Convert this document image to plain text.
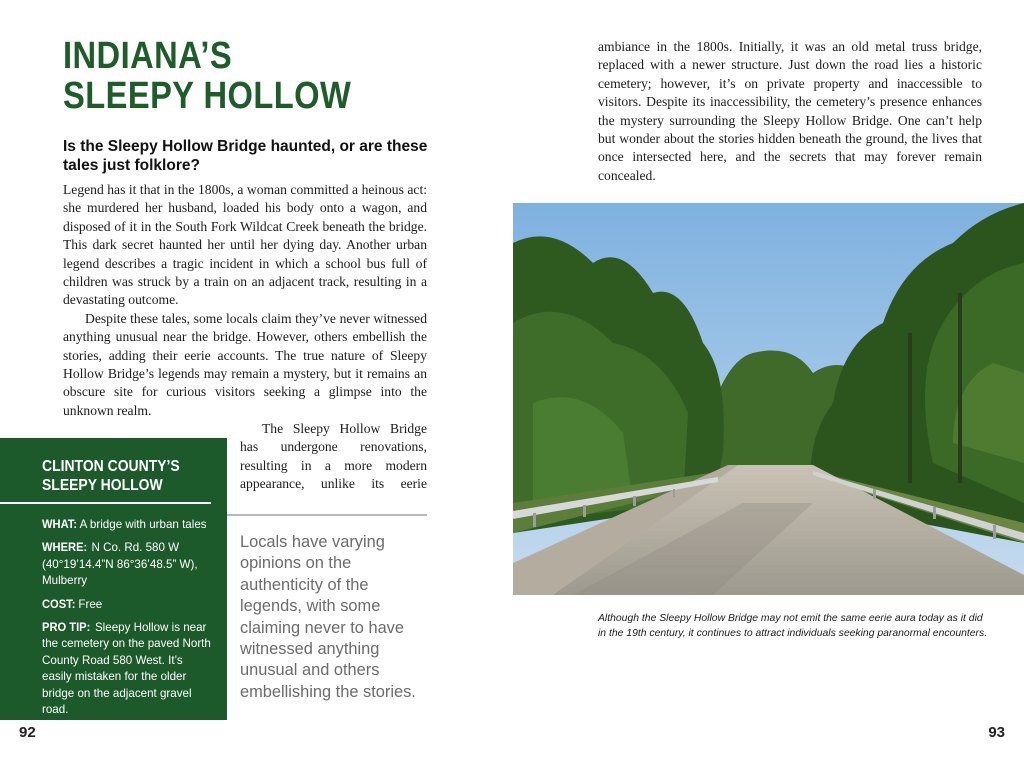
INDIANA’S
SLEEPY HOLLOW
Is the Sleepy Hollow Bridge haunted, or are these tales just folklore?

Legend has it that in the 1800s, a woman committed a heinous act: she murdered her husband, loaded his body onto a wagon, and disposed of it in the South Fork Wildcat Creek beneath the bridge. This dark secret haunted her until her dying day. Another urban legend describes a tragic incident in which a school bus full of children was struck by a train on an adjacent track, resulting in a devastating outcome.

Despite these tales, some locals claim they’ve never witnessed anything unusual near the bridge. However, others embellish the stories, adding their eerie accounts. The true nature of Sleepy Hollow Bridge’s legends may remain a mystery, but it remains an obscure site for curious visitors seeking a glimpse into the unknown realm.

The Sleepy Hollow Bridge has undergone renovations, resulting in a more modern appearance, unlike its eerie
CLINTON COUNTY’S
SLEEPY HOLLOW
WHAT: A bridge with urban tales
WHERE: N Co. Rd. 580 W (40°19’14.4”N 86°36’48.5” W), Mulberry
COST: Free
PRO TIP: Sleepy Hollow is near the cemetery on the paved North County Road 580 West. It’s easily mistaken for the older bridge on the adjacent gravel road.
Locals have varying opinions on the authenticity of the legends, with some claiming never to have witnessed anything unusual and others embellishing the stories.
92
ambiance in the 1800s. Initially, it was an old metal truss bridge, replaced with a newer structure. Just down the road lies a historic cemetery; however, it’s on private property and inaccessible to visitors. Despite its inaccessibility, the cemetery’s presence enhances the mystery surrounding the Sleepy Hollow Bridge. One can’t help but wonder about the stories hidden beneath the ground, the lives that once intersected here, and the secrets that may forever remain concealed.
Although the Sleepy Hollow Bridge may not emit the same eerie aura today as it did in the 19th century, it continues to attract individuals seeking paranormal encounters.
93
